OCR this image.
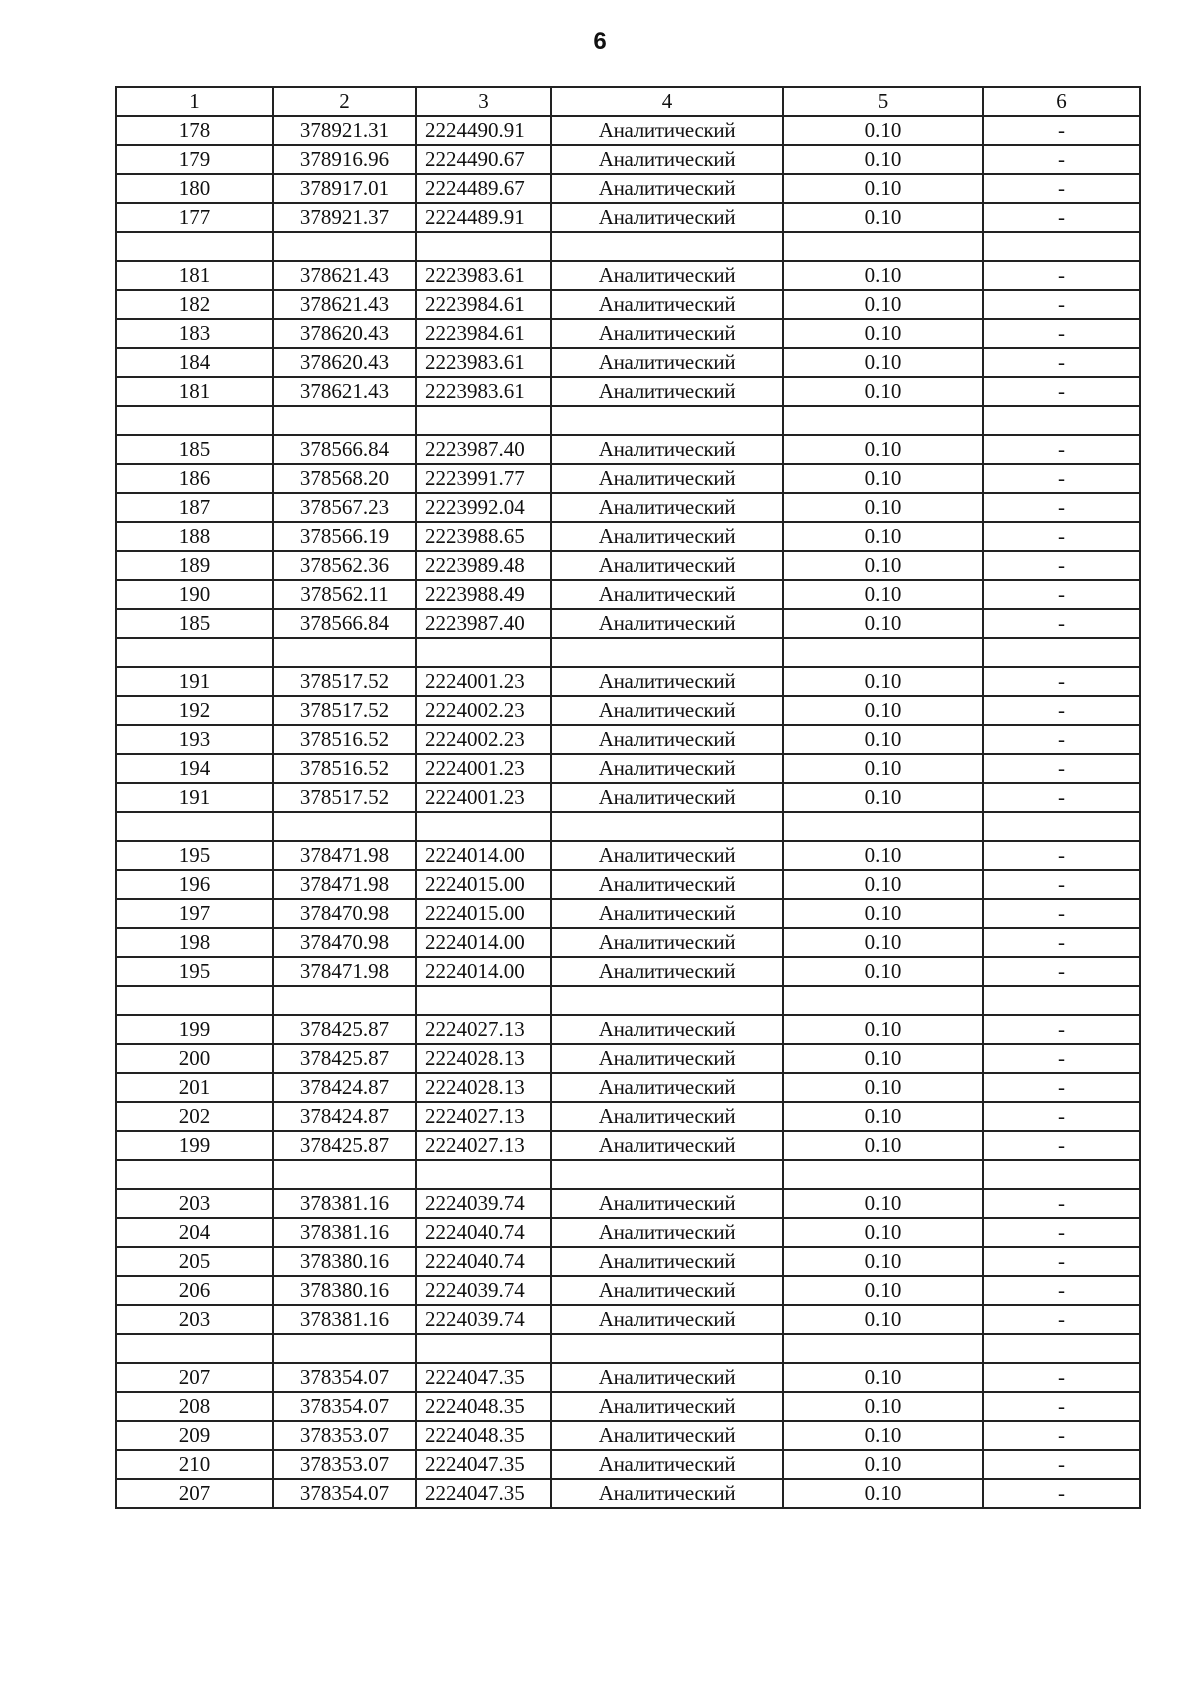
6
1	2	3	4	5	6
178	378921.31	2224490.91	Аналитический	0.10	-
179	378916.96	2224490.67	Аналитический	0.10	-
180	378917.01	2224489.67	Аналитический	0.10	-
177	378921.37	2224489.91	Аналитический	0.10	-

181	378621.43	2223983.61	Аналитический	0.10	-
182	378621.43	2223984.61	Аналитический	0.10	-
183	378620.43	2223984.61	Аналитический	0.10	-
184	378620.43	2223983.61	Аналитический	0.10	-
181	378621.43	2223983.61	Аналитический	0.10	-

185	378566.84	2223987.40	Аналитический	0.10	-
186	378568.20	2223991.77	Аналитический	0.10	-
187	378567.23	2223992.04	Аналитический	0.10	-
188	378566.19	2223988.65	Аналитический	0.10	-
189	378562.36	2223989.48	Аналитический	0.10	-
190	378562.11	2223988.49	Аналитический	0.10	-
185	378566.84	2223987.40	Аналитический	0.10	-

191	378517.52	2224001.23	Аналитический	0.10	-
192	378517.52	2224002.23	Аналитический	0.10	-
193	378516.52	2224002.23	Аналитический	0.10	-
194	378516.52	2224001.23	Аналитический	0.10	-
191	378517.52	2224001.23	Аналитический	0.10	-

195	378471.98	2224014.00	Аналитический	0.10	-
196	378471.98	2224015.00	Аналитический	0.10	-
197	378470.98	2224015.00	Аналитический	0.10	-
198	378470.98	2224014.00	Аналитический	0.10	-
195	378471.98	2224014.00	Аналитический	0.10	-

199	378425.87	2224027.13	Аналитический	0.10	-
200	378425.87	2224028.13	Аналитический	0.10	-
201	378424.87	2224028.13	Аналитический	0.10	-
202	378424.87	2224027.13	Аналитический	0.10	-
199	378425.87	2224027.13	Аналитический	0.10	-

203	378381.16	2224039.74	Аналитический	0.10	-
204	378381.16	2224040.74	Аналитический	0.10	-
205	378380.16	2224040.74	Аналитический	0.10	-
206	378380.16	2224039.74	Аналитический	0.10	-
203	378381.16	2224039.74	Аналитический	0.10	-

207	378354.07	2224047.35	Аналитический	0.10	-
208	378354.07	2224048.35	Аналитический	0.10	-
209	378353.07	2224048.35	Аналитический	0.10	-
210	378353.07	2224047.35	Аналитический	0.10	-
207	378354.07	2224047.35	Аналитический	0.10	-
